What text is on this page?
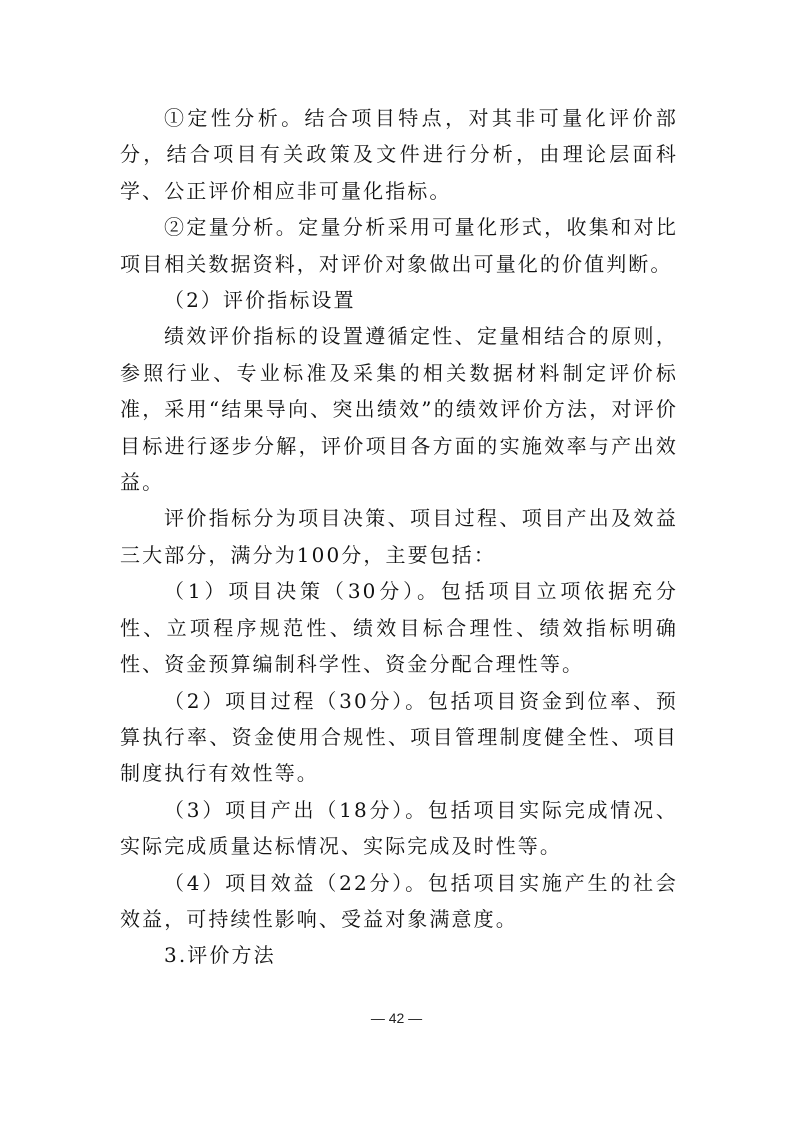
①定性分析。结合项目特点，对其非可量化评价部分，结合项目有关政策及文件进行分析，由理论层面科学、公正评价相应非可量化指标。

②定量分析。定量分析采用可量化形式，收集和对比项目相关数据资料，对评价对象做出可量化的价值判断。

（2）评价指标设置

绩效评价指标的设置遵循定性、定量相结合的原则，参照行业、专业标准及采集的相关数据材料制定评价标准，采用“结果导向、突出绩效”的绩效评价方法，对评价目标进行逐步分解，评价项目各方面的实施效率与产出效益。

评价指标分为项目决策、项目过程、项目产出及效益三大部分，满分为100分，主要包括：

（1）项目决策（30分）。包括项目立项依据充分性、立项程序规范性、绩效目标合理性、绩效指标明确性、资金预算编制科学性、资金分配合理性等。

（2）项目过程（30分）。包括项目资金到位率、预算执行率、资金使用合规性、项目管理制度健全性、项目制度执行有效性等。

（3）项目产出（18分）。包括项目实际完成情况、实际完成质量达标情况、实际完成及时性等。

（4）项目效益（22分）。包括项目实施产生的社会效益，可持续性影响、受益对象满意度。

3.评价方法

— 42 —
